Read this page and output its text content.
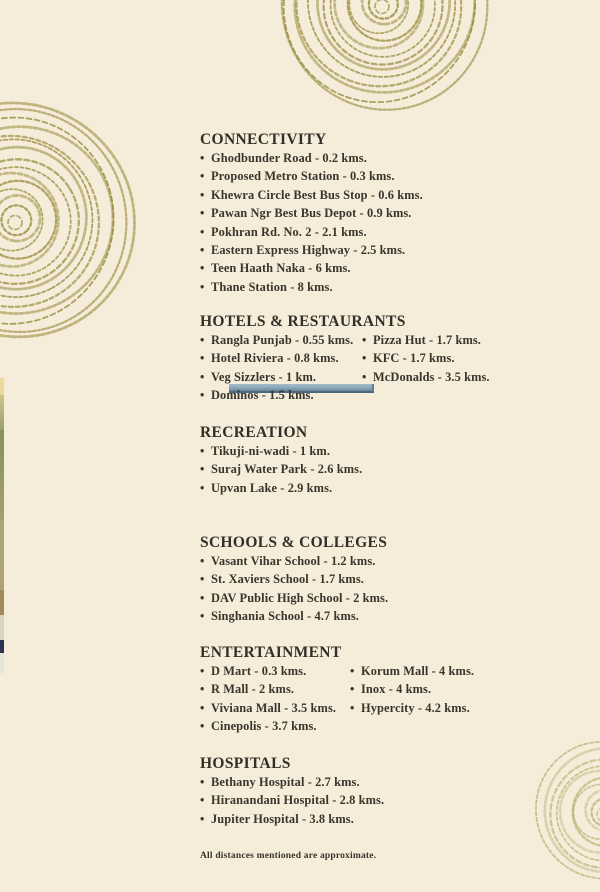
CONNECTIVITY
• Ghodbunder Road - 0.2 kms.
• Proposed Metro Station - 0.3 kms.
• Khewra Circle Best Bus Stop - 0.6 kms.
• Pawan Ngr Best Bus Depot - 0.9 kms.
• Pokhran Rd. No. 2 - 2.1 kms.
• Eastern Express Highway - 2.5 kms.
• Teen Haath Naka - 6 kms.
• Thane Station - 8 kms.
HOTELS & RESTAURANTS
• Rangla Punjab - 0.55 kms.
• Hotel Riviera - 0.8 kms.
• Veg Sizzlers - 1 km.
• Dominos - 1.5 kms.
• Pizza Hut - 1.7 kms.
• KFC - 1.7 kms.
• McDonalds - 3.5 kms.
RECREATION
• Tikuji-ni-wadi - 1 km.
• Suraj Water Park - 2.6 kms.
• Upvan Lake - 2.9 kms.
SCHOOLS & COLLEGES
• Vasant Vihar School - 1.2 kms.
• St. Xaviers School - 1.7 kms.
• DAV Public High School - 2 kms.
• Singhania School - 4.7 kms.
ENTERTAINMENT
• D Mart - 0.3 kms.
• R Mall - 2 kms.
• Viviana Mall - 3.5 kms.
• Cinepolis - 3.7 kms.
• Korum Mall - 4 kms.
• Inox - 4 kms.
• Hypercity - 4.2 kms.
HOSPITALS
• Bethany Hospital - 2.7 kms.
• Hiranandani Hospital - 2.8 kms.
• Jupiter Hospital - 3.8 kms.

All distances mentioned are approximate.
